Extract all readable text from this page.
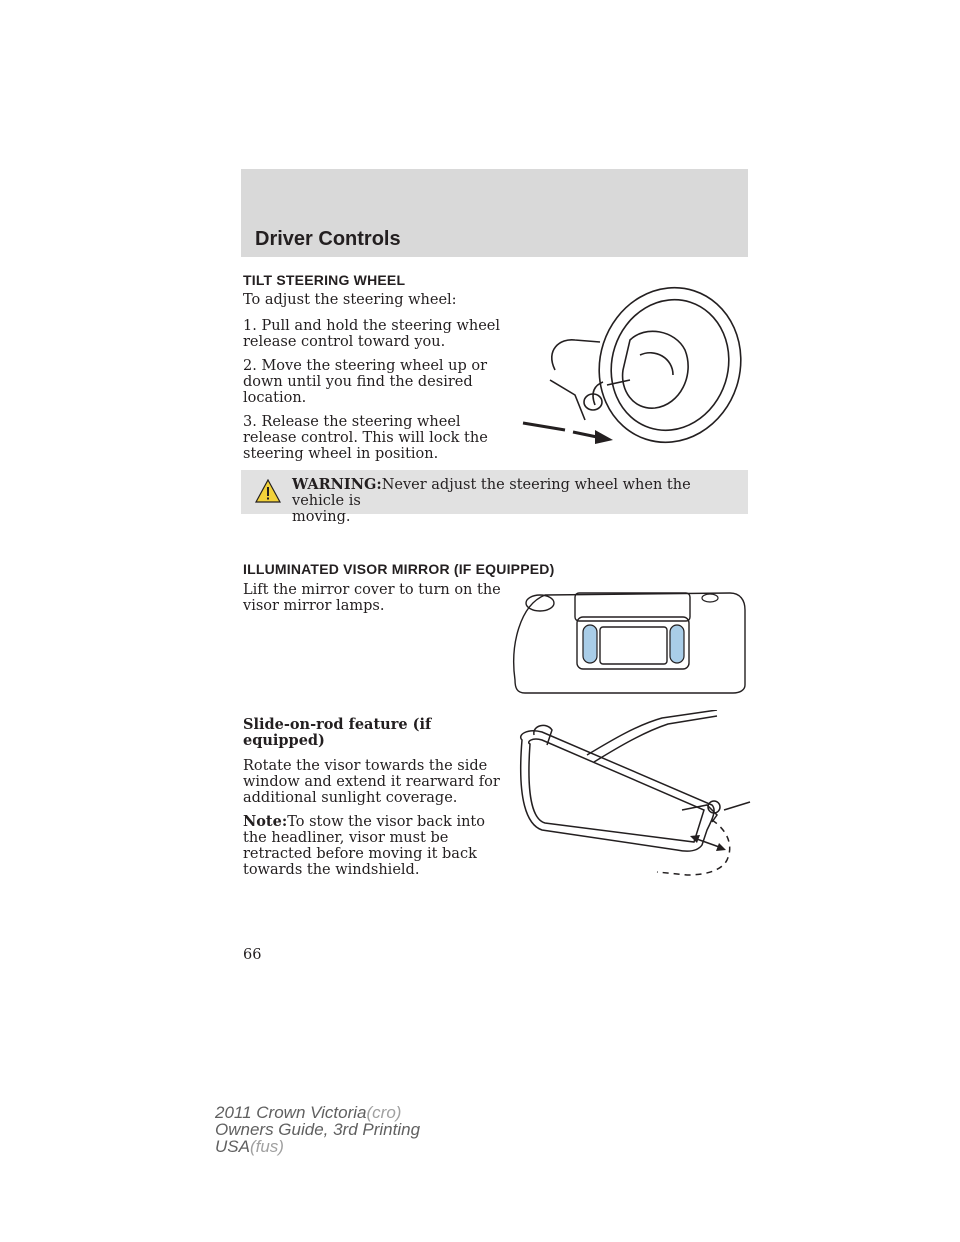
Driver Controls
TILT STEERING WHEEL

To adjust the steering wheel:

1. Pull and hold the steering wheel

release control toward you.

2. Move the steering wheel up or

down until you find the desired

location.

3. Release the steering wheel

release control. This will lock the

steering wheel in position.

WARNING:Never adjust the steering wheel when the vehicle is
moving.
ILLUMINATED VISOR MIRROR (IF EQUIPPED)

Lift the mirror cover to turn on the

visor mirror lamps.

Slide-on-rod feature (if

equipped)

Rotate the visor towards the side

window and extend it rearward for

additional sunlight coverage.

Note:To stow the visor back into

the headliner, visor must be

retracted before moving it back

towards the windshield.

66
2011 Crown Victoria(cro)
Owners Guide, 3rd Printing
USA(fus)
